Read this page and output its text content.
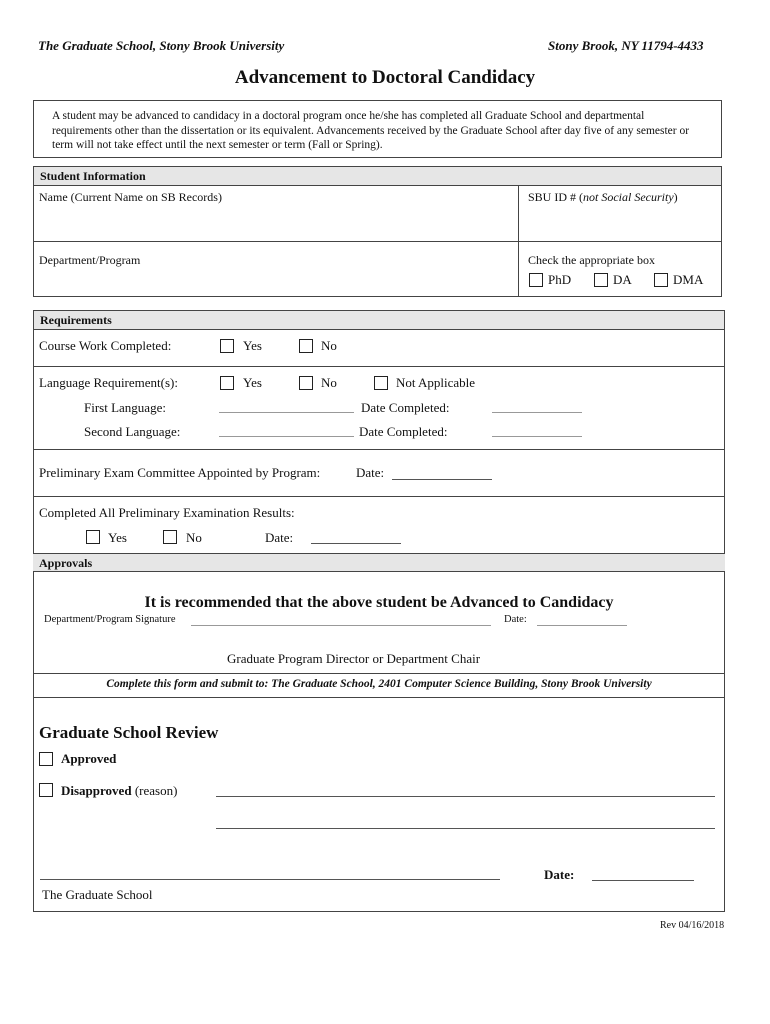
The Graduate School, Stony Brook University	Stony Brook, NY 11794-4433
Advancement to Doctoral Candidacy

A student may be advanced to candidacy in a doctoral program once he/she has completed all Graduate School and departmental requirements other than the dissertation or its equivalent. Advancements received by the Graduate School after day five of any semester or term will not take effect until the next semester or term (Fall or Spring).

Student Information
Name (Current Name on SB Records)	SBU ID # (not Social Security)
Department/Program	Check the appropriate box
PhD	DA	DMA
Requirements
Course Work Completed:	Yes	No
Language Requirement(s):	Yes	No	Not Applicable
First Language:	Date Completed:
Second Language:	Date Completed:
Preliminary Exam Committee Appointed by Program:	Date:
Completed All Preliminary Examination Results:
Yes	No	Date:
Approvals
It is recommended that the above student be Advanced to Candidacy
Department/Program Signature	Date:
Graduate Program Director or Department Chair
Complete this form and submit to: The Graduate School, 2401 Computer Science Building, Stony Brook University
Graduate School Review
Approved
Disapproved (reason)
Date:
The Graduate School
Rev 04/16/2018
